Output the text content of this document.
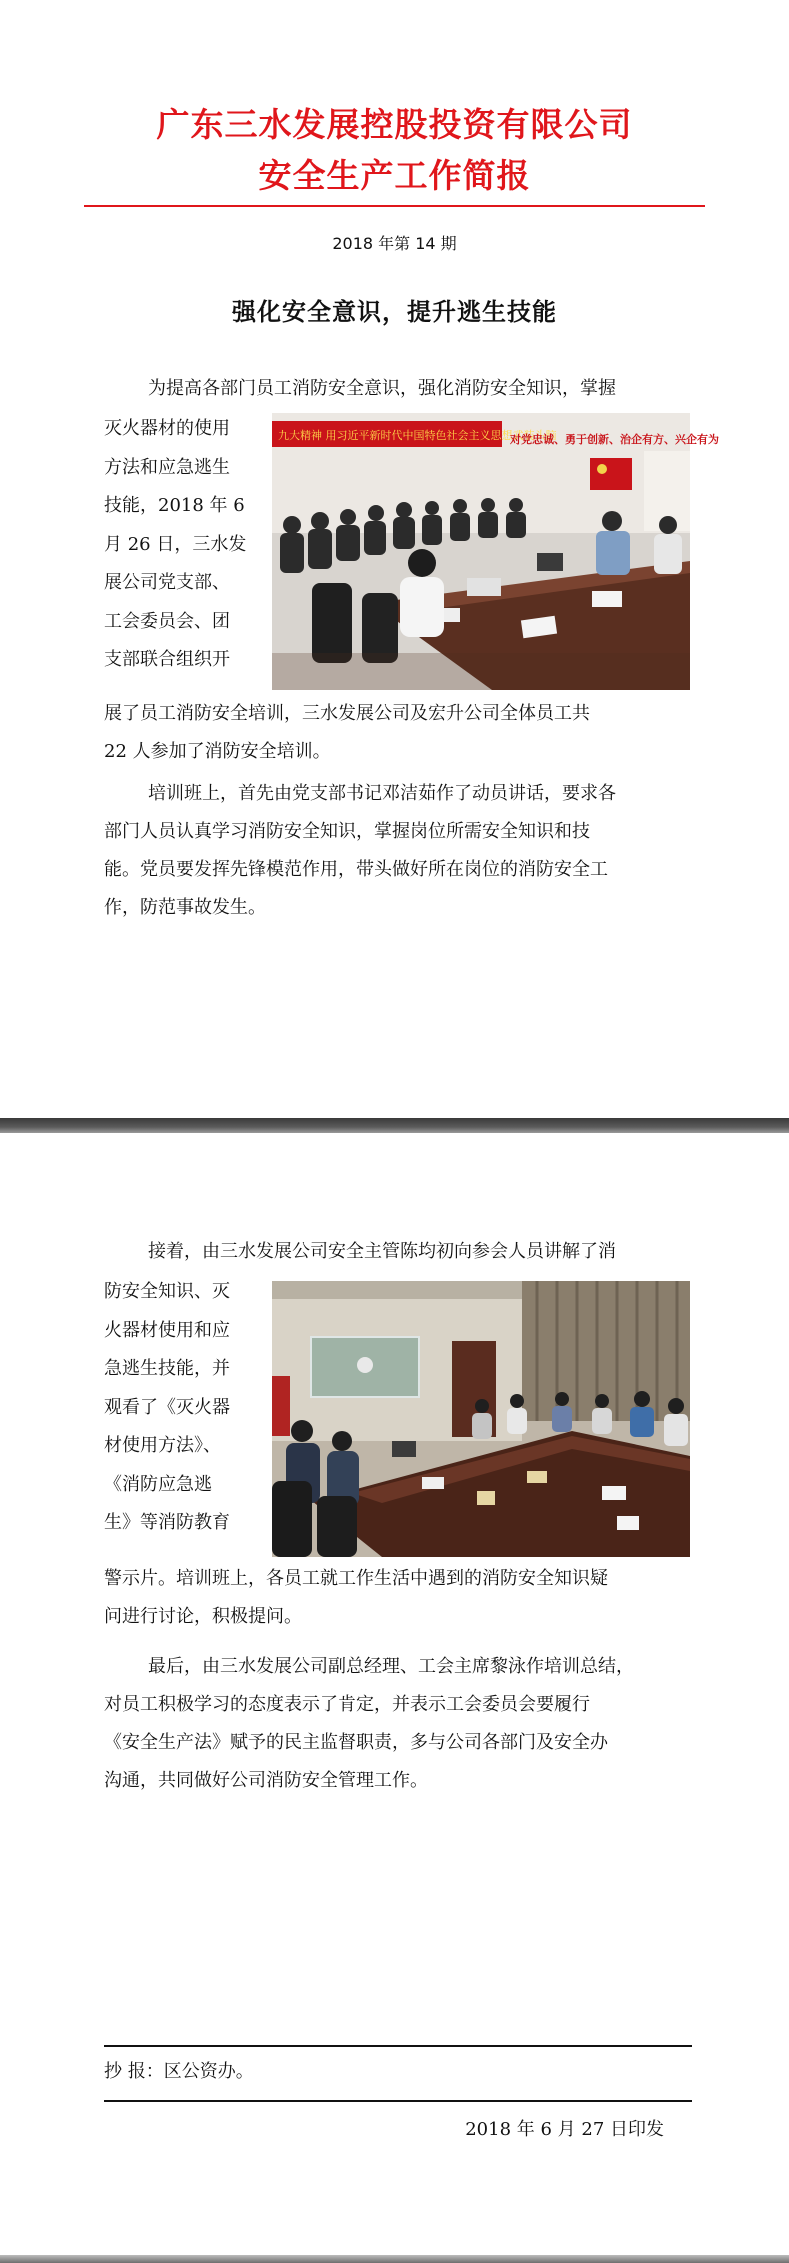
广东三水发展控股投资有限公司
安全生产工作简报
2018 年第 14 期
强化安全意识，提升逃生技能

为提高各部门员工消防安全意识，强化消防安全知识，掌握

灭火器材的使用
方法和应急逃生
技能，2018 年 6
月 26 日，三水发
展公司党支部、
工会委员会、团
支部联合组织开
九大精神 用习近平新时代中国特色社会主义思想武装头脑
对党忠诚、勇于创新、治企有方、兴企有为
展了员工消防安全培训，三水发展公司及宏升公司全体员工共
22 人参加了消防安全培训。
培训班上，首先由党支部书记邓洁茹作了动员讲话，要求各
部门人员认真学习消防安全知识，掌握岗位所需安全知识和技
能。党员要发挥先锋模范作用，带头做好所在岗位的消防安全工
作，防范事故发生。

接着，由三水发展公司安全主管陈均初向参会人员讲解了消

防安全知识、灭
火器材使用和应
急逃生技能，并
观看了《灭火器
材使用方法》、
《消防应急逃
生》等消防教育
警示片。培训班上，各员工就工作生活中遇到的消防安全知识疑
问进行讨论，积极提问。
最后，由三水发展公司副总经理、工会主席黎泳作培训总结，
对员工积极学习的态度表示了肯定，并表示工会委员会要履行
《安全生产法》赋予的民主监督职责，多与公司各部门及安全办
沟通，共同做好公司消防安全管理工作。
抄 报：区公资办。
2018 年 6 月 27 日印发
